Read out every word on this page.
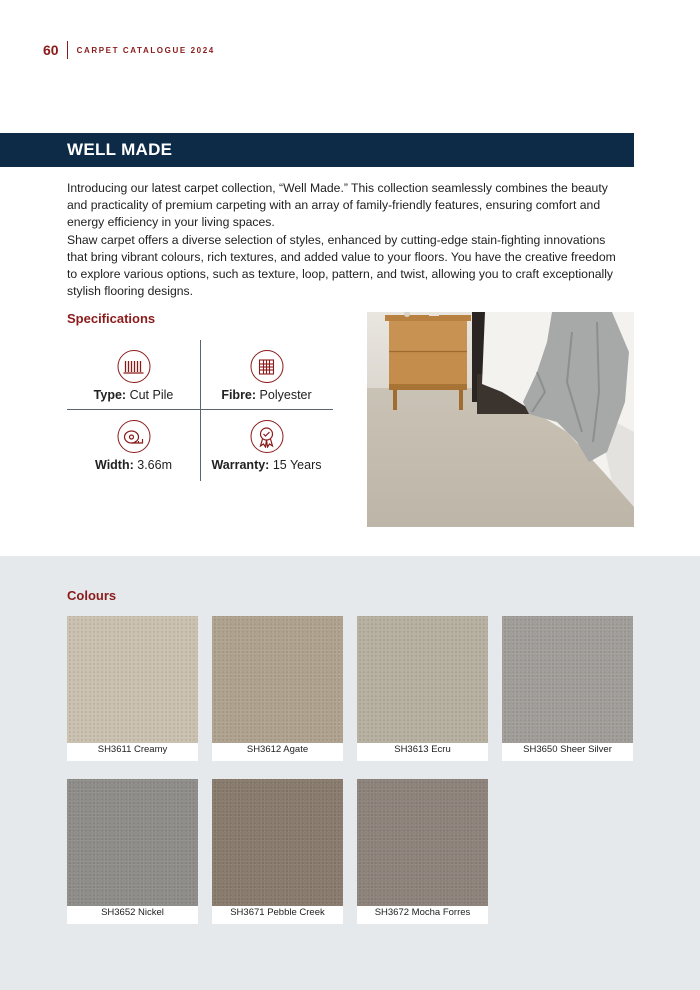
60	CARPET CATALOGUE 2024
WELL MADE

Introducing our latest carpet collection, “Well Made.” This collection seamlessly combines the beauty and practicality of premium carpeting with an array of family-friendly features, ensuring comfort and energy efficiency in your living spaces.

Shaw carpet offers a diverse selection of styles, enhanced by cutting-edge stain-fighting innovations that bring vibrant colours, rich textures, and added value to your floors. You have the creative freedom to explore various options, such as texture, loop, pattern, and twist, allowing you to craft exceptionally stylish flooring designs.

Specifications
Type: Cut Pile	Fibre: Polyester
Width: 3.66m	Warranty: 15 Years
Colours
SH3611 Creamy	SH3612 Agate	SH3613 Ecru	SH3650 Sheer Silver
SH3652 Nickel	SH3671 Pebble Creek	SH3672 Mocha Forres
